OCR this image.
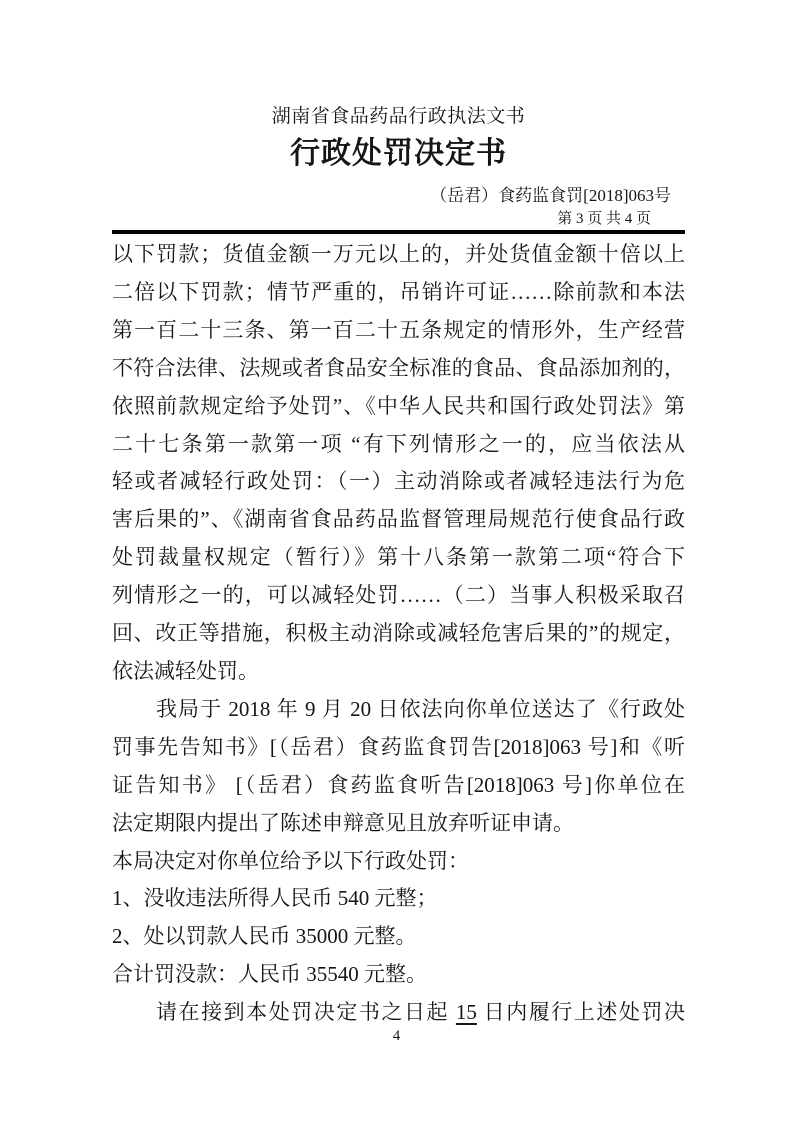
湖南省食品药品行政执法文书
行政处罚决定书
（岳君）食药监食罚[2018]063号
第 3 页 共 4 页
以下罚款；货值金额一万元以上的，并处货值金额十倍以上
二倍以下罚款；情节严重的，吊销许可证……除前款和本法
第一百二十三条、第一百二十五条规定的情形外，生产经营
不符合法律、法规或者食品安全标准的食品、食品添加剂的，
依照前款规定给予处罚”、《中华人民共和国行政处罚法》第
二十七条第一款第一项 “有下列情形之一的，应当依法从
轻或者减轻行政处罚：（一）主动消除或者减轻违法行为危
害后果的”、《湖南省食品药品监督管理局规范行使食品行政
处罚裁量权规定（暂行）》第十八条第一款第二项“符合下
列情形之一的，可以减轻处罚……（二）当事人积极采取召
回、改正等措施，积极主动消除或减轻危害后果的”的规定，
依法减轻处罚。
我局于 2018 年 9 月 20 日依法向你单位送达了《行政处
罚事先告知书》[（岳君）食药监食罚告[2018]063 号]和《听
证告知书》 [（岳君）食药监食听告[2018]063 号]你单位在
法定期限内提出了陈述申辩意见且放弃听证申请。
本局决定对你单位给予以下行政处罚：
1、没收违法所得人民币 540 元整；
2、处以罚款人民币 35000 元整。
合计罚没款：人民币 35540 元整。
请在接到本处罚决定书之日起 15 日内履行上述处罚决
4
